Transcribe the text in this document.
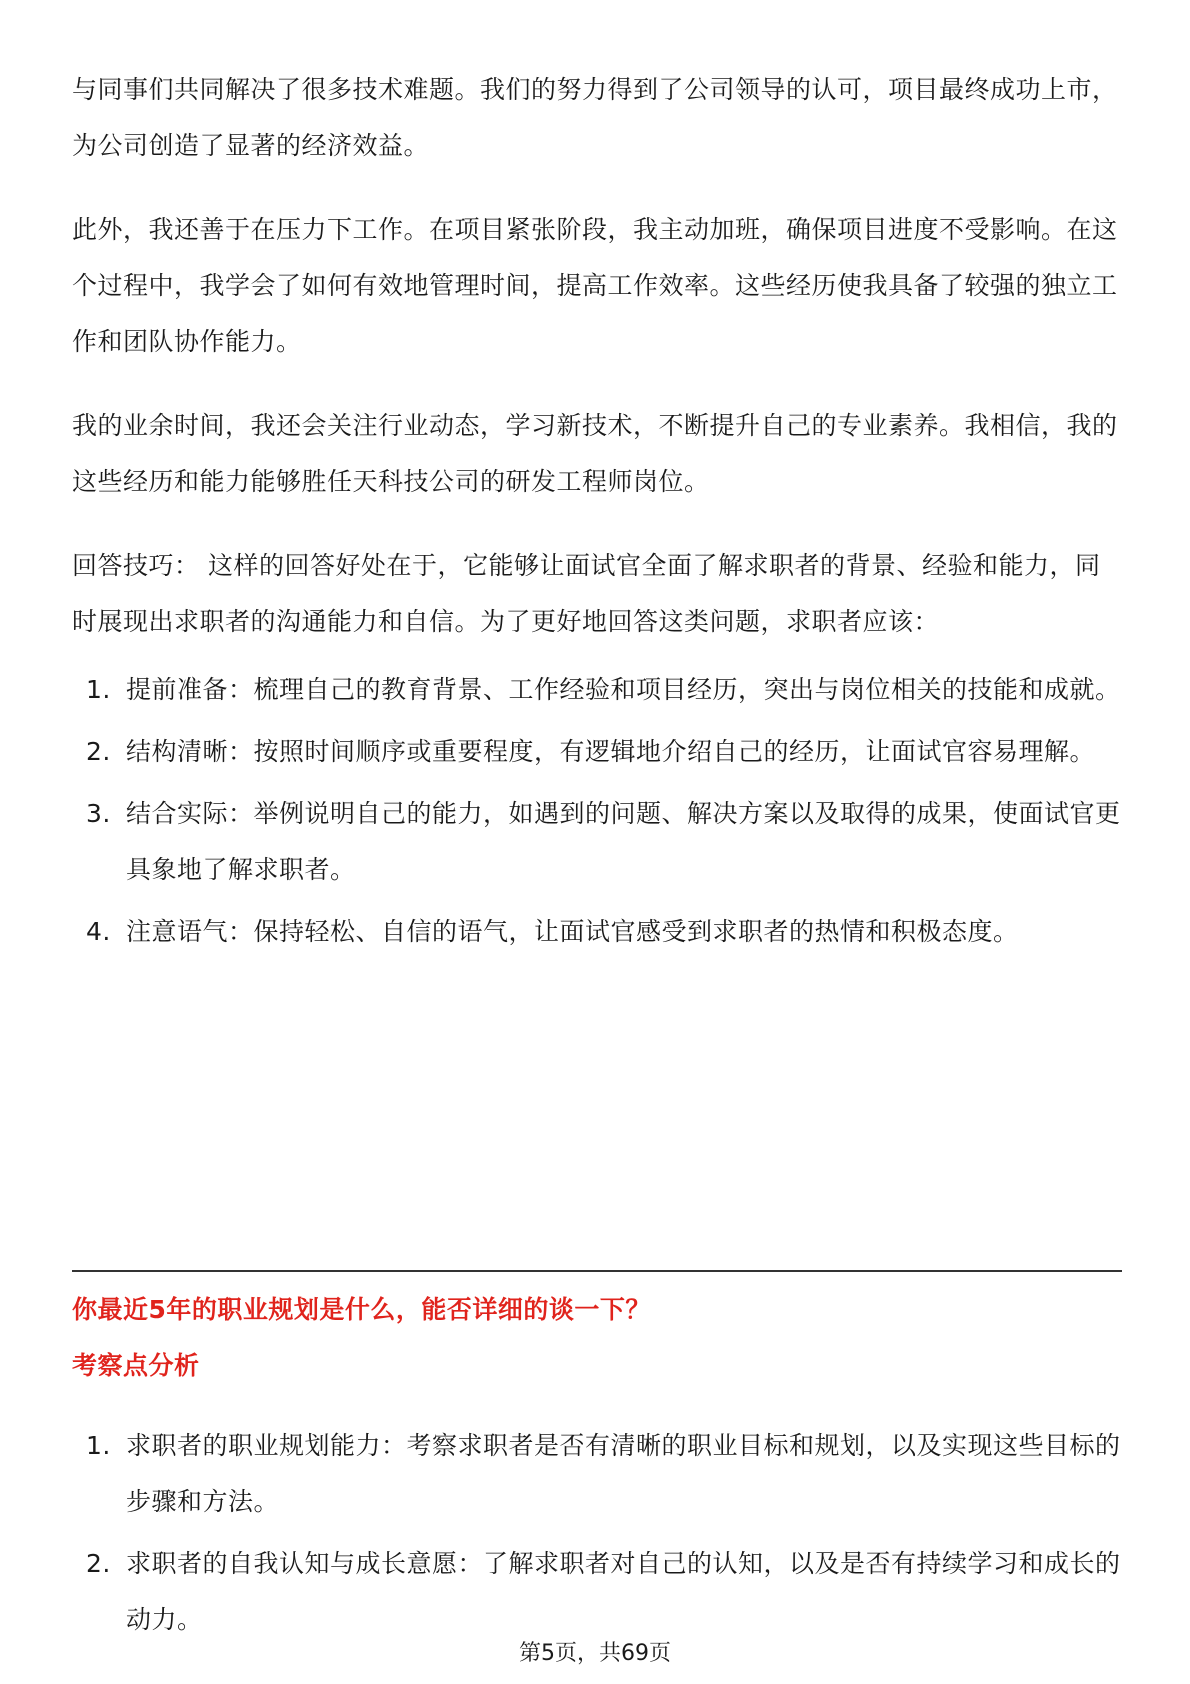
与同事们共同解决了很多技术难题。我们的努力得到了公司领导的认可，项目最终成功上市，为公司创造了显著的经济效益。

此外，我还善于在压力下工作。在项目紧张阶段，我主动加班，确保项目进度不受影响。在这个过程中，我学会了如何有效地管理时间，提高工作效率。这些经历使我具备了较强的独立工作和团队协作能力。

我的业余时间，我还会关注行业动态，学习新技术，不断提升自己的专业素养。我相信，我的这些经历和能力能够胜任天科技公司的研发工程师岗位。

回答技巧： 这样的回答好处在于，它能够让面试官全面了解求职者的背景、经验和能力，同时展现出求职者的沟通能力和自信。为了更好地回答这类问题，求职者应该：

1. 提前准备：梳理自己的教育背景、工作经验和项目经历，突出与岗位相关的技能和成就。
2. 结构清晰：按照时间顺序或重要程度，有逻辑地介绍自己的经历，让面试官容易理解。
3. 结合实际：举例说明自己的能力，如遇到的问题、解决方案以及取得的成果，使面试官更具象地了解求职者。
4. 注意语气：保持轻松、自信的语气，让面试官感受到求职者的热情和积极态度。
你最近5年的职业规划是什么，能否详细的谈一下？
考察点分析
1. 求职者的职业规划能力：考察求职者是否有清晰的职业目标和规划，以及实现这些目标的步骤和方法。
2. 求职者的自我认知与成长意愿：了解求职者对自己的认知，以及是否有持续学习和成长的动力。
第5页，共69页
